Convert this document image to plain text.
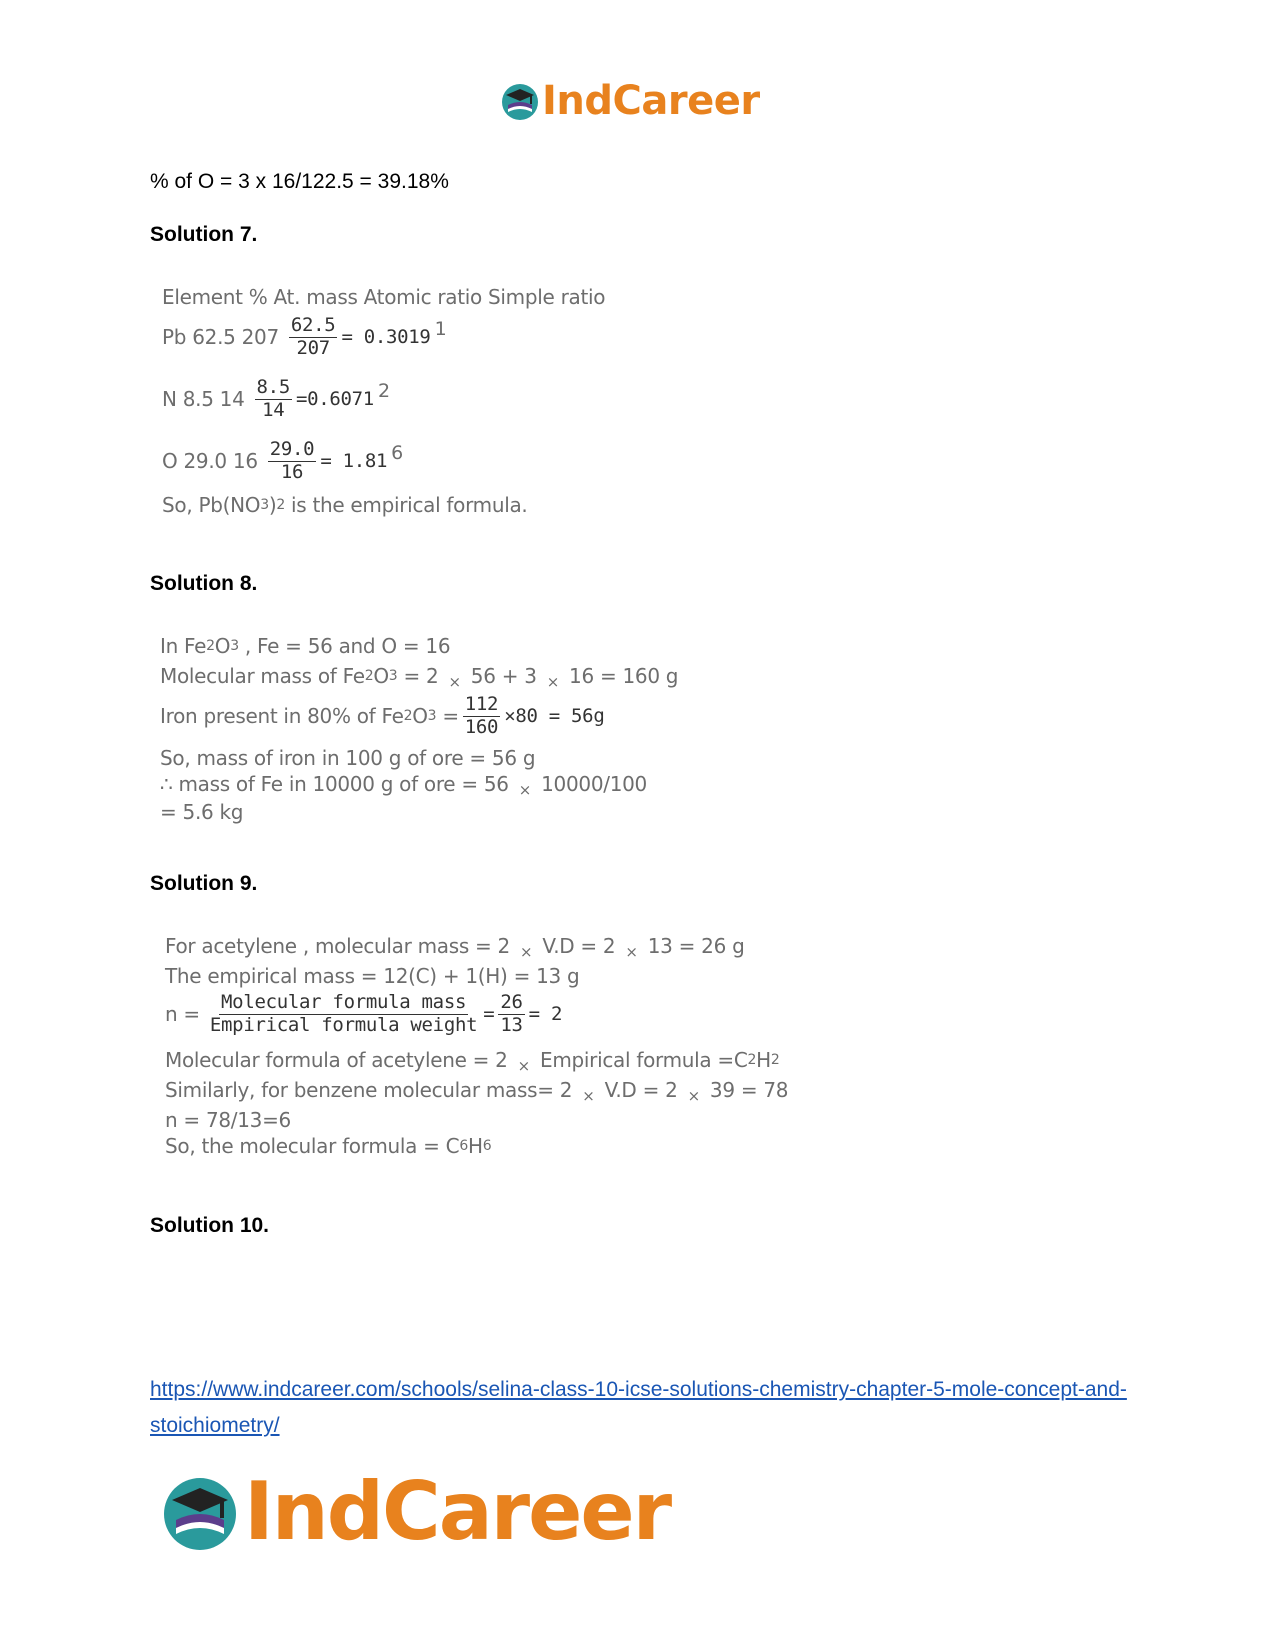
IndCareer
% of O = 3 x 16/122.5 = 39.18%
Solution 7.
Element % At. mass Atomic ratio Simple ratio
Pb 62.5 $207 \frac{62.5}{207} = 0.3019$ 1
N 8.5 $14 \frac{8.5}{14} =0.6071$ 2
O 29.0 $16 \frac{29.0}{16} = 1.81$ 6
So, Pb(NO 3 ) 2 is the empirical formula.
Solution 8.
In Fe 2 O 3 , Fe = 56 and O = 16
Molecular mass of Fe 2 O 3 = 2 × 56 + 3 × 16 = 160 g
Iron present in 80% of Fe 2 O $3 = \frac{112}{160} \times 80 = 56g$
So, mass of iron in 100 g of ore = 56 g
∴ mass of Fe in 10000 g of ore = 56 × 10000/100
= 5.6 kg
Solution 9.
For acetylene , molecular mass = 2 × V.D = 2 × 13 = 26 g
The empirical mass = 12(C) + 1(H) = 13 g
$n = \frac{\text{Molecular formula mass}}{\text{Empirical formula weight}} = \frac{26}{13} = 2$
Molecular formula of acetylene = 2 × Empirical formula =C 2 H 2
Similarly, for benzene molecular mass= 2 × V.D = 2 × 39 = 78
n = 78/13=6
So, the molecular formula = C 6 H 6
Solution 10.
https://www.indcareer.com/schools/selina-class-10-icse-solutions-chemistry-chapter-5-mole-concept-and-stoichiometry/
IndCareer
